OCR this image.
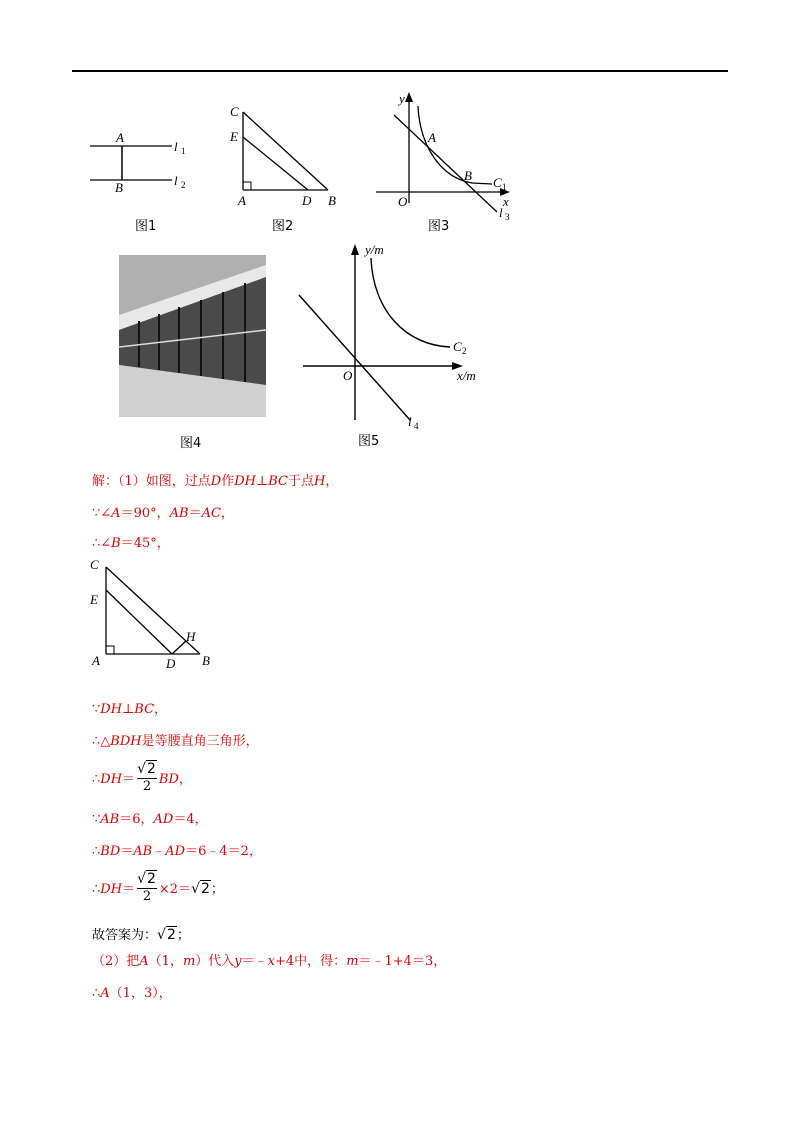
A
B
l 1
l 2
图1
C
E
A	D B
图2
y
x
O
A
B C 1
l 3
图3
图4
y/m
x/m
O
C 2
l 4
图5
解：（1）如图，过点D作DH⊥BC于点H，
∵∠A＝90°，AB＝AC，
∴∠B＝45°，
C
E
A	D
H
B
∵DH⊥BC，
∴△BDH是等腰直角三角形，
∴DH＝ $\frac{√2}{2}$ BD，
∵AB＝6，AD＝4，
∴BD＝AB﹣AD＝6﹣4＝2，
∴DH＝ $\frac{√2}{2} \times 2=√2$；
故答案为：√2；
（2）把A（1，m）代入y＝﹣x+4中，得：m＝﹣1+4＝3，
∴A（1，3），
